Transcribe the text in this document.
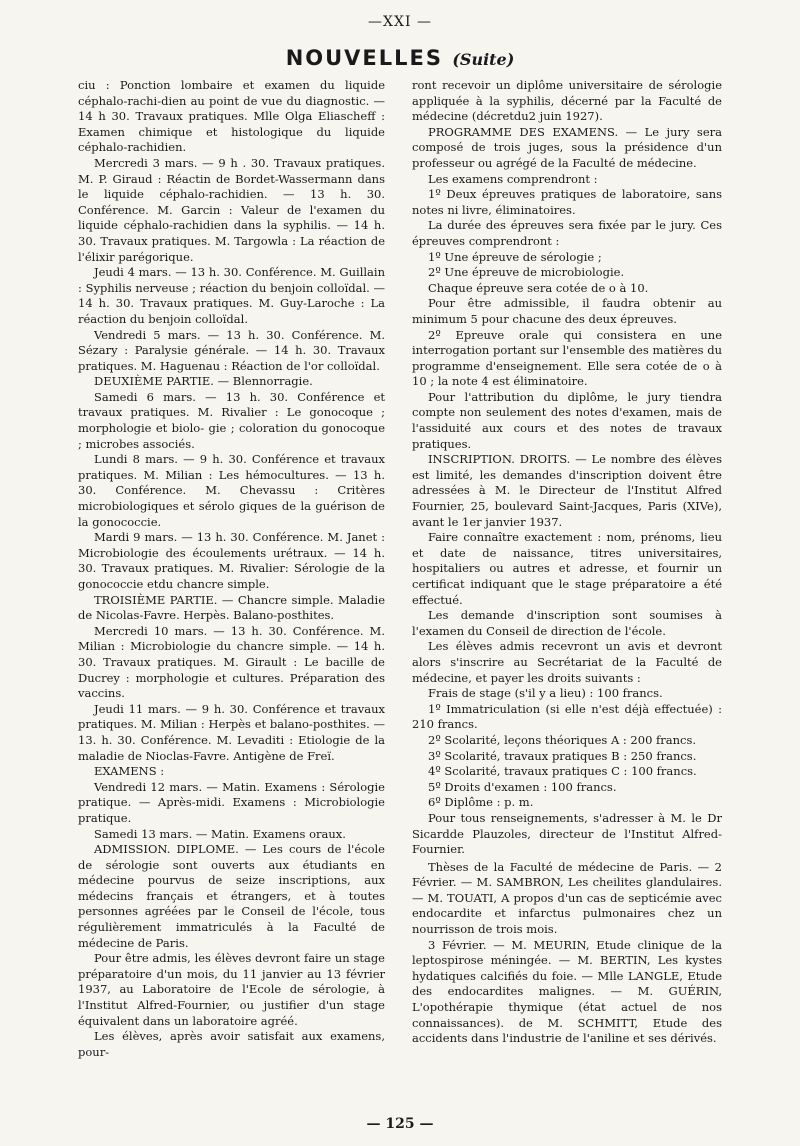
—XXI —
NOUVELLES (Suite)

ciu : Ponction lombaire et examen du liquide céphalo-rachi-dien au point de vue du diagnostic. — 14 h 30. Travaux pratiques. Mlle Olga Eliascheff : Examen chimique et histologique du liquide céphalo-rachidien.

Mercredi 3 mars. — 9 h . 30. Travaux pratiques. M. P. Giraud : Réactin de Bordet-Wassermann dans le liquide céphalo-rachidien. — 13 h. 30. Conférence. M. Garcin : Valeur de l'examen du liquide céphalo-rachidien dans la syphilis. — 14 h. 30. Travaux pratiques. M. Targowla : La réaction de l'élixir parégorique.

Jeudi 4 mars. — 13 h. 30. Conférence. M. Guillain : Syphilis nerveuse ; réaction du benjoin colloïdal. — 14 h. 30. Travaux pratiques. M. Guy-Laroche : La réaction du benjoin colloïdal.

Vendredi 5 mars. — 13 h. 30. Conférence. M. Sézary : Paralysie générale. — 14 h. 30. Travaux pratiques. M. Haguenau : Réaction de l'or colloïdal.

DEUXIÈME PARTIE. — Blennorragie.

Samedi 6 mars. — 13 h. 30. Conférence et travaux pratiques. M. Rivalier : Le gonocoque ; morphologie et biolo- gie ; coloration du gonocoque ; microbes associés.

Lundi 8 mars. — 9 h. 30. Conférence et travaux pratiques. M. Milian : Les hémocultures. — 13 h. 30. Conférence. M. Chevassu : Critères microbiologiques et sérolo giques de la guérison de la gonococcie.

Mardi 9 mars. — 13 h. 30. Conférence. M. Janet : Microbiologie des écoulements urétraux. — 14 h. 30. Travaux pratiques. M. Rivalier: Sérologie de la gonococcie etdu chancre simple.

TROISIÈME PARTIE. — Chancre simple. Maladie de Nicolas-Favre. Herpès. Balano-posthites.

Mercredi 10 mars. — 13 h. 30. Conférence. M. Milian : Microbiologie du chancre simple. — 14 h. 30. Travaux pratiques. M. Girault : Le bacille de Ducrey : morphologie et cultures. Préparation des vaccins.

Jeudi 11 mars. — 9 h. 30. Conférence et travaux pratiques. M. Milian : Herpès et balano-posthites. — 13. h. 30. Conférence. M. Levaditi : Etiologie de la maladie de Nioclas-Favre. Antigène de Freï.

EXAMENS :

Vendredi 12 mars. — Matin. Examens : Sérologie pratique. — Après-midi. Examens : Microbiologie pratique.

Samedi 13 mars. — Matin. Examens oraux.

ADMISSION. DIPLOME. — Les cours de l'école de sérologie sont ouverts aux étudiants en médecine pourvus de seize inscriptions, aux médecins français et étrangers, et à toutes personnes agréées par le Conseil de l'école, tous régulièrement immatriculés à la Faculté de médecine de Paris.

Pour être admis, les élèves devront faire un stage préparatoire d'un mois, du 11 janvier au 13 février 1937, au Laboratoire de l'Ecole de sérologie, à l'Institut Alfred-Fournier, ou justifier d'un stage équivalent dans un laboratoire agréé.

Les élèves, après avoir satisfait aux examens, pour-

ront recevoir un diplôme universitaire de sérologie appliquée à la syphilis, décerné par la Faculté de médecine (décretdu2 juin 1927).

PROGRAMME DES EXAMENS. — Le jury sera composé de trois juges, sous la présidence d'un professeur ou agrégé de la Faculté de médecine.

Les examens comprendront :

1º Deux épreuves pratiques de laboratoire, sans notes ni livre, éliminatoires.

La durée des épreuves sera fixée par le jury. Ces épreuves comprendront :

1º Une épreuve de sérologie ;

2º Une épreuve de microbiologie.

Chaque épreuve sera cotée de o à 10.

Pour être admissible, il faudra obtenir au minimum 5 pour chacune des deux épreuves.

2º Epreuve orale qui consistera en une interrogation portant sur l'ensemble des matières du programme d'enseignement. Elle sera cotée de o à 10 ; la note 4 est éliminatoire.

Pour l'attribution du diplôme, le jury tiendra compte non seulement des notes d'examen, mais de l'assiduité aux cours et des notes de travaux pratiques.

INSCRIPTION. DROITS. — Le nombre des élèves est limité, les demandes d'inscription doivent être adressées à M. le Directeur de l'Institut Alfred Fournier, 25, boulevard Saint-Jacques, Paris (XIVe), avant le 1er janvier 1937.

Faire connaître exactement : nom, prénoms, lieu et date de naissance, titres universitaires, hospitaliers ou autres et adresse, et fournir un certificat indiquant que le stage préparatoire a été effectué.

Les demande d'inscription sont soumises à l'examen du Conseil de direction de l'école.

Les élèves admis recevront un avis et devront alors s'inscrire au Secrétariat de la Faculté de médecine, et payer les droits suivants :

Frais de stage (s'il y a lieu) : 100 francs.

1º Immatriculation (si elle n'est déjà effectuée) : 210 francs.

2º Scolarité, leçons théoriques A : 200 francs.

3º Scolarité, travaux pratiques B : 250 francs.

4º Scolarité, travaux pratiques C : 100 francs.

5º Droits d'examen : 100 francs.

6º Diplôme : p. m.

Pour tous renseignements, s'adresser à M. le Dr Sicardde Plauzoles, directeur de l'Institut Alfred-Fournier.

Thèses de la Faculté de médecine de Paris. — 2 Février. — M. SAMBRON, Les cheilites glandulaires. — M. TOUATI, A propos d'un cas de septicémie avec endocardite et infarctus pulmonaires chez un nourrisson de trois mois.

3 Février. — M. MEURIN, Etude clinique de la leptospirose méningée. — M. BERTIN, Les kystes hydatiques calcifiés du foie. — Mlle LANGLE, Etude des endocardites malignes. — M. GUÉRIN, L'opothérapie thymique (état actuel de nos connaissances). de M. SCHMITT, Etude des accidents dans l'industrie de l'aniline et ses dérivés.

— 125 —
